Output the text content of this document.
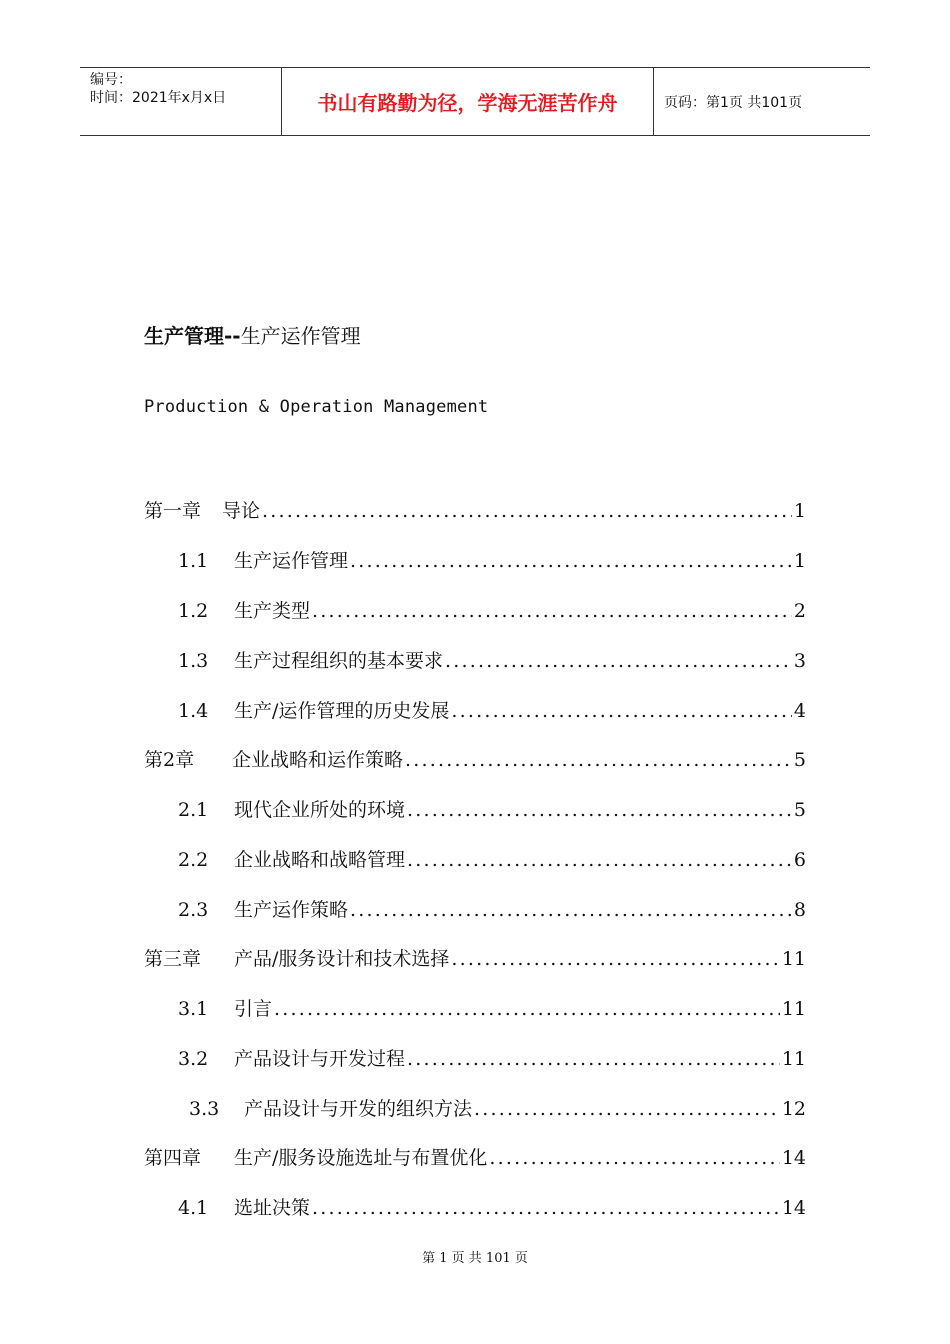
编号：
时间：2021年x月x日	书山有路勤为径，学海无涯苦作舟	页码：第1页 共101页
生产管理--生产运作管理
Production & Operation Management
第一章	导论 .....	1
1.1	生产运作管理 .....	1
1.2	生产类型 .....	2
1.3	生产过程组织的基本要求 .....	3
1.4	生产/运作管理的历史发展 .....	4
第2章	企业战略和运作策略 .....	5
2.1	现代企业所处的环境 .....	5
2.2	企业战略和战略管理 .....	6
2.3	生产运作策略 .....	8
第三章	产品/服务设计和技术选择 .....	11
3.1	引言 .....	11
3.2	产品设计与开发过程 .....	11
3.3	产品设计与开发的组织方法 .....	12
第四章	生产/服务设施选址与布置优化 .....	14
4.1	选址决策 .....	14
第 1 页 共 101 页
